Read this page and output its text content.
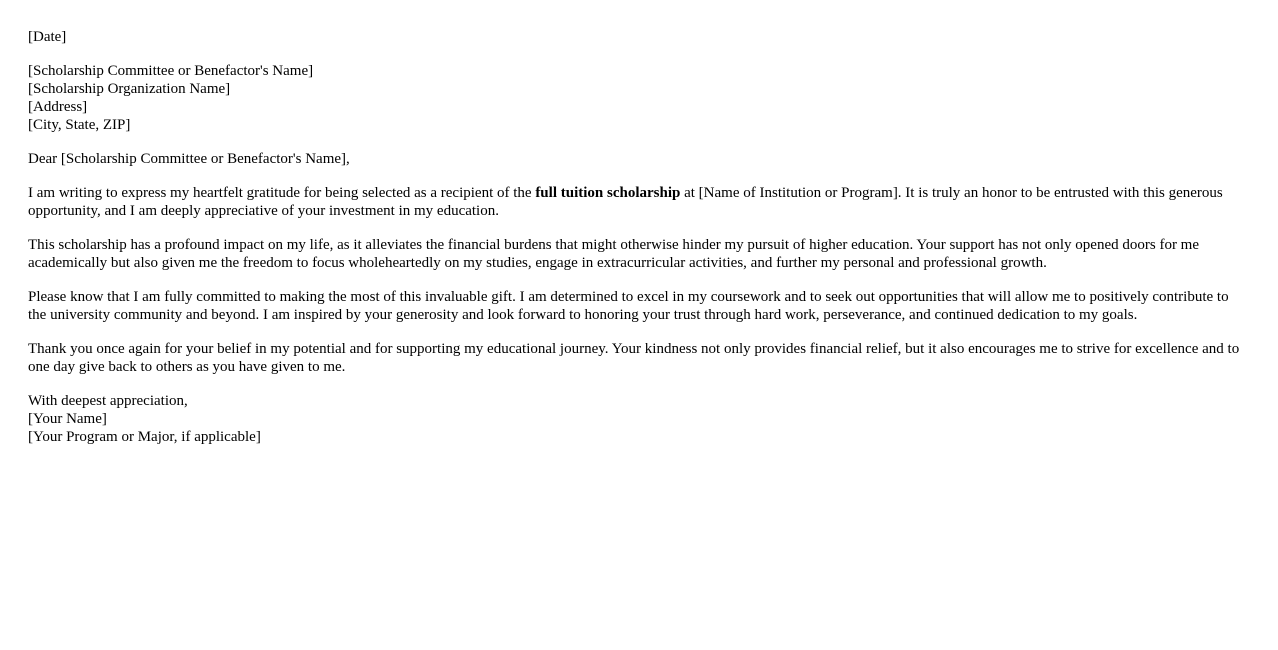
[Date]
[Scholarship Committee or Benefactor's Name]
[Scholarship Organization Name]
[Address]
[City, State, ZIP]

Dear [Scholarship Committee or Benefactor's Name],

I am writing to express my heartfelt gratitude for being selected as a recipient of the full tuition scholarship at [Name of Institution or Program]. It is truly an honor to be entrusted with this generous opportunity, and I am deeply appreciative of your investment in my education.

This scholarship has a profound impact on my life, as it alleviates the financial burdens that might otherwise hinder my pursuit of higher education. Your support has not only opened doors for me academically but also given me the freedom to focus wholeheartedly on my studies, engage in extracurricular activities, and further my personal and professional growth.

Please know that I am fully committed to making the most of this invaluable gift. I am determined to excel in my coursework and to seek out opportunities that will allow me to positively contribute to the university community and beyond. I am inspired by your generosity and look forward to honoring your trust through hard work, perseverance, and continued dedication to my goals.

Thank you once again for your belief in my potential and for supporting my educational journey. Your kindness not only provides financial relief, but it also encourages me to strive for excellence and to one day give back to others as you have given to me.

With deepest appreciation,
[Your Name]
[Your Program or Major, if applicable]
